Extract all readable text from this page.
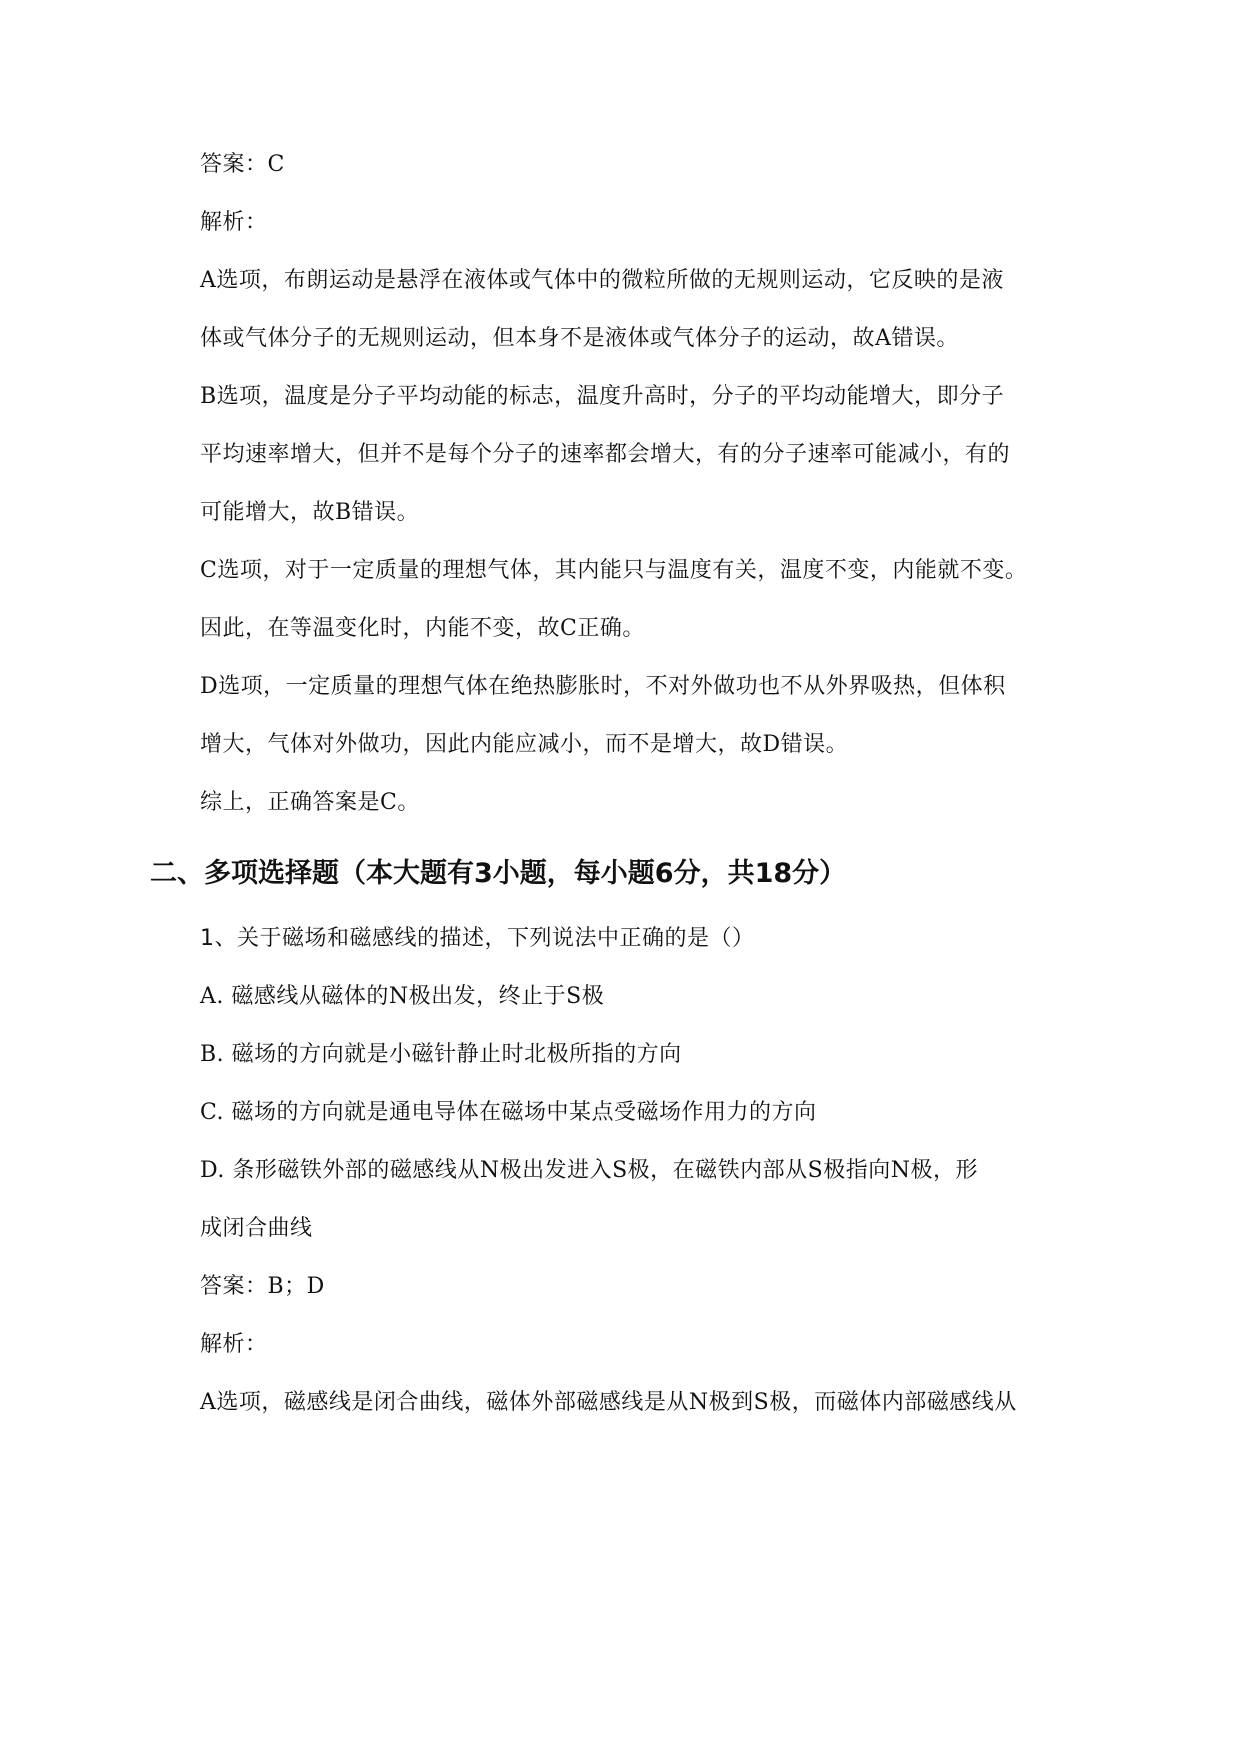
答案：C
解析：
A选项，布朗运动是悬浮在液体或气体中的微粒所做的无规则运动，它反映的是液
体或气体分子的无规则运动，但本身不是液体或气体分子的运动，故A错误。
B选项，温度是分子平均动能的标志，温度升高时，分子的平均动能增大，即分子
平均速率增大，但并不是每个分子的速率都会增大，有的分子速率可能减小，有的
可能增大，故B错误。
C选项，对于一定质量的理想气体，其内能只与温度有关，温度不变，内能就不变。
因此，在等温变化时，内能不变，故C正确。
D选项，一定质量的理想气体在绝热膨胀时，不对外做功也不从外界吸热，但体积
增大，气体对外做功，因此内能应减小，而不是增大，故D错误。
综上，正确答案是C。
二、多项选择题（本大题有3小题，每小题6分，共18分）
1、关于磁场和磁感线的描述，下列说法中正确的是（）
A. 磁感线从磁体的N极出发，终止于S极
B. 磁场的方向就是小磁针静止时北极所指的方向
C. 磁场的方向就是通电导体在磁场中某点受磁场作用力的方向
D. 条形磁铁外部的磁感线从N极出发进入S极，在磁铁内部从S极指向N极，形
成闭合曲线
答案：B；D
解析：
A选项，磁感线是闭合曲线，磁体外部磁感线是从N极到S极，而磁体内部磁感线从
